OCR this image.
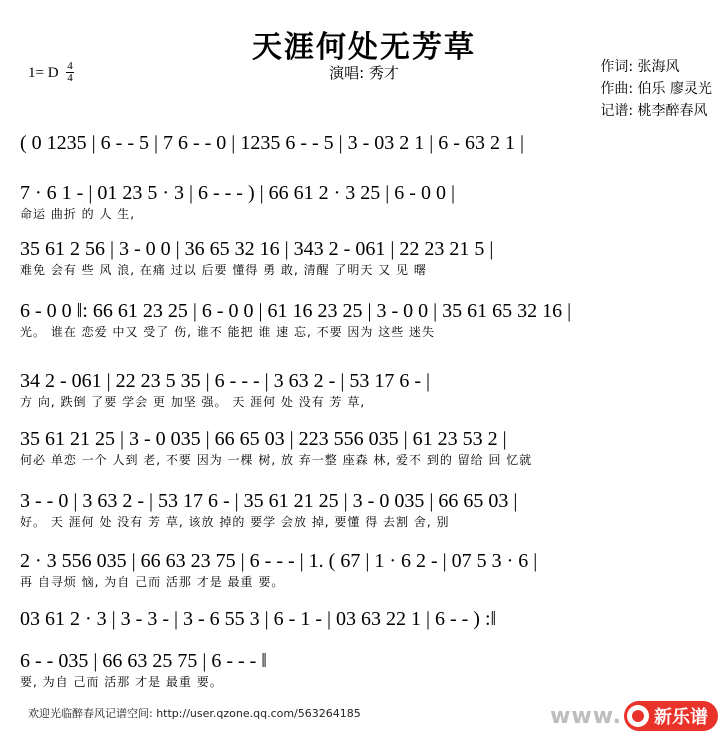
天涯何处无芳草
1= D $\frac{4}{4}$	演唱: 秀才	作词: 张海风
作曲: 伯乐 廖灵光
记谱: 桃李醉春风
( 0 1235 | 6 - - 5 | 7 6 - - 0 | 1235 6 - - 5 | 3 - 03 2 1 | 6 - 63 2 1 |
7 · 6 1 - | 01 23 5 · 3 | 6 - - - ) | 66 61 2 · 3 25 | 6 - 0 0 |
命运 曲折 的 人 生,
35 61 2 56 | 3 - 0 0 | 36 65 32 16 | 343 2 - 061 | 22 23 21 5 |
难免 会有 些 风 浪, 在痛 过以 后要 懂得 勇 敢, 清醒 了明天 又 见 曙
6 - 0 0 ‖: 66 61 23 25 | 6 - 0 0 | 61 16 23 25 | 3 - 0 0 | 35 61 65 32 16 |
光。 谁在 恋爱 中又 受了 伤, 谁不 能把 谁 速 忘, 不要 因为 这些 迷失
34 2 - 061 | 22 23 5 35 | 6 - - - | 3 63 2 - | 53 17 6 - |
方 向, 跌倒 了要 学会 更 加坚 强。 天 涯何 处 没有 芳 草,
35 61 21 25 | 3 - 0 035 | 66 65 03 | 223 556 035 | 61 23 53 2 |
何必 单恋 一个 人到 老, 不要 因为 一棵 树, 放 弃一整 座森 林, 爱不 到的 留给 回 忆就
3 - - 0 | 3 63 2 - | 53 17 6 - | 35 61 21 25 | 3 - 0 035 | 66 65 03 |
好。 天 涯何 处 没有 芳 草, 该放 掉的 要学 会放 掉, 要懂 得 去割 舍, 别
2 · 3 556 035 | 66 63 23 75 | 6 - - - | 1. ( 67 | 1 · 6 2 - | 07 5 3 · 6 |
再 自寻烦 恼, 为自 己而 活那 才是 最重 要。
03 61 2 · 3 | 3 - 3 - | 3 - 6 55 3 | 6 - 1 - | 03 63 22 1 | 6 - - ) :‖
6 - - 035 | 66 63 25 75 | 6 - - - ‖
要, 为自 己而 活那 才是 最重 要。
欢迎光临醉春风记谱空间: http://user.qzone.qq.com/563264185	www. 新乐谱
